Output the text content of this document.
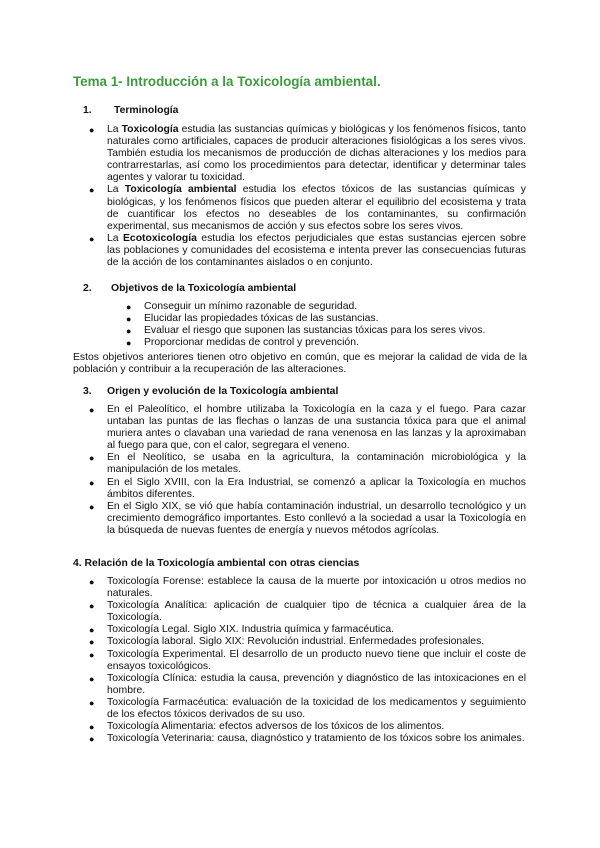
Tema 1- Introducción a la Toxicología ambiental.
1. Terminología
● La Toxicología estudia las sustancias químicas y biológicas y los fenómenos físicos, tanto naturales como artificiales, capaces de producir alteraciones fisiológicas a los seres vivos. También estudia los mecanismos de producción de dichas alteraciones y los medios para contrarrestarlas, así como los procedimientos para detectar, identificar y determinar tales agentes y valorar tu toxicidad.
● La Toxicología ambiental estudia los efectos tóxicos de las sustancias químicas y biológicas, y los fenómenos físicos que pueden alterar el equilibrio del ecosistema y trata de cuantificar los efectos no deseables de los contaminantes, su confirmación experimental, sus mecanismos de acción y sus efectos sobre los seres vivos.
● La Ecotoxicología estudia los efectos perjudiciales que estas sustancias ejercen sobre las poblaciones y comunidades del ecosistema e intenta prever las consecuencias futuras de la acción de los contaminantes aislados o en conjunto.
2. Objetivos de la Toxicología ambiental
● Conseguir un mínimo razonable de seguridad.
● Elucidar las propiedades tóxicas de las sustancias.
● Evaluar el riesgo que suponen las sustancias tóxicas para los seres vivos.
● Proporcionar medidas de control y prevención.
Estos objetivos anteriores tienen otro objetivo en común, que es mejorar la calidad de vida de la población y contribuir a la recuperación de las alteraciones.
3. Origen y evolución de la Toxicología ambiental
● En el Paleolítico, el hombre utilizaba la Toxicología en la caza y el fuego. Para cazar untaban las puntas de las flechas o lanzas de una sustancia tóxica para que el animal muriera antes o clavaban una variedad de rana venenosa en las lanzas y la aproximaban al fuego para que, con el calor, segregara el veneno.
● En el Neolítico, se usaba en la agricultura, la contaminación microbiológica y la manipulación de los metales.
● En el Siglo XVIII, con la Era Industrial, se comenzó a aplicar la Toxicología en muchos ámbitos diferentes.
● En el Siglo XIX, se vió que había contaminación industrial, un desarrollo tecnológico y un crecimiento demográfico importantes. Esto conllevó a la sociedad a usar la Toxicología en la búsqueda de nuevas fuentes de energía y nuevos métodos agrícolas.
4. Relación de la Toxicología ambiental con otras ciencias
● Toxicología Forense: establece la causa de la muerte por intoxicación u otros medios no naturales.
● Toxicología Analítica: aplicación de cualquier tipo de técnica a cualquier área de la Toxicología.
● Toxicología Legal. Siglo XIX. Industria química y farmacéutica.
● Toxicología laboral. Siglo XIX: Revolución industrial. Enfermedades profesionales.
● Toxicología Experimental. El desarrollo de un producto nuevo tiene que incluir el coste de ensayos toxicológicos.
● Toxicología Clínica: estudia la causa, prevención y diagnóstico de las intoxicaciones en el hombre.
● Toxicología Farmacéutica: evaluación de la toxicidad de los medicamentos y seguimiento de los efectos tóxicos derivados de su uso.
● Toxicología Alimentaria: efectos adversos de los tóxicos de los alimentos.
● Toxicología Veterinaria: causa, diagnóstico y tratamiento de los tóxicos sobre los animales.
